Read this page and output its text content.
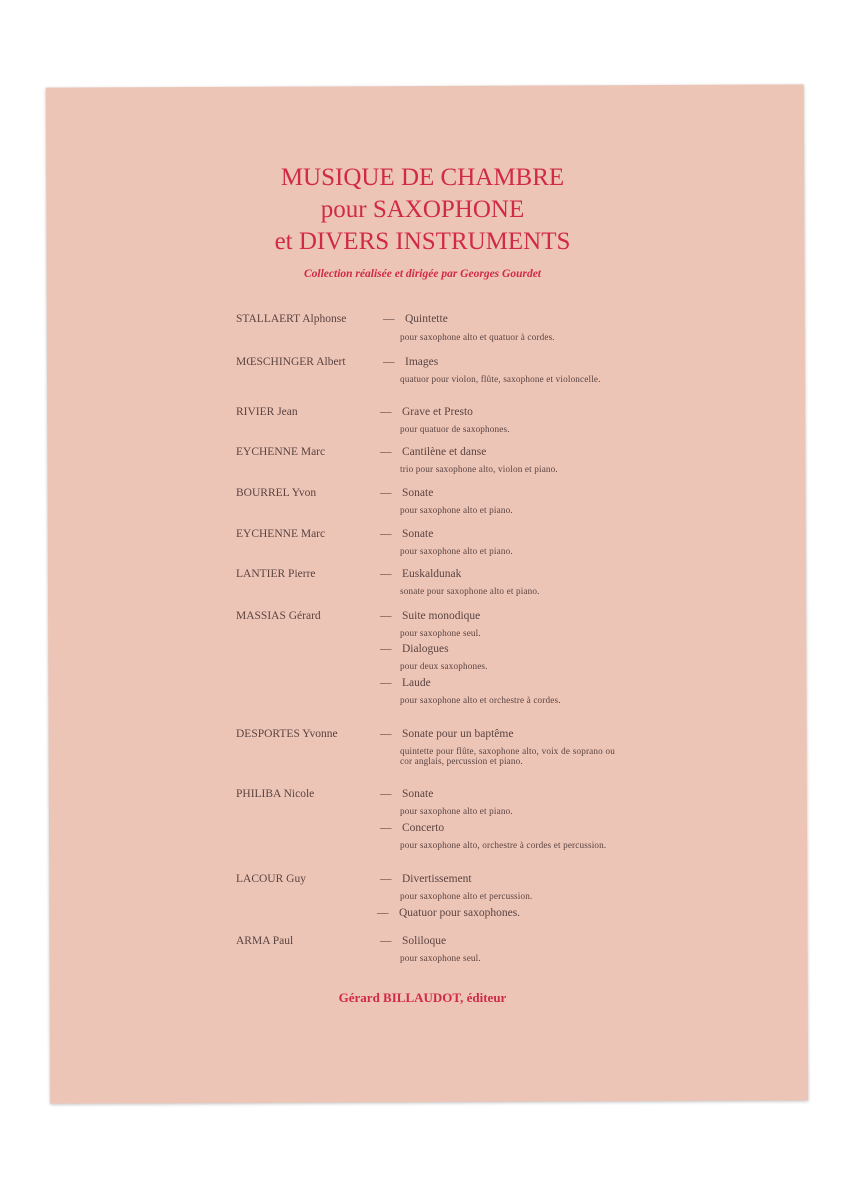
MUSIQUE DE CHAMBRE
pour SAXOPHONE
et DIVERS INSTRUMENTS
Collection réalisée et dirigée par Georges Gourdet
STALLAERT Alphonse	— Quintette
pour saxophone alto et quatuor à cordes.
MŒSCHINGER Albert	— Images
quatuor pour violon, flûte, saxophone et violoncelle.
RIVIER Jean	— Grave et Presto
pour quatuor de saxophones.
EYCHENNE Marc	— Cantilène et danse
trio pour saxophone alto, violon et piano.
BOURREL Yvon	— Sonate
pour saxophone alto et piano.
EYCHENNE Marc	— Sonate
pour saxophone alto et piano.
LANTIER Pierre	— Euskaldunak
sonate pour saxophone alto et piano.
MASSIAS Gérard	— Suite monodique
pour saxophone seul.
— Dialogues
pour deux saxophones.
— Laude
pour saxophone alto et orchestre à cordes.
DESPORTES Yvonne	— Sonate pour un baptême
quintette pour flûte, saxophone alto, voix de soprano ou cor anglais, percussion et piano.
PHILIBA Nicole	— Sonate
pour saxophone alto et piano.
— Concerto
pour saxophone alto, orchestre à cordes et percussion.
LACOUR Guy	— Divertissement
pour saxophone alto et percussion.
— Quatuor pour saxophones.
ARMA Paul	— Soliloque
pour saxophone seul.
Gérard BILLAUDOT, éditeur
